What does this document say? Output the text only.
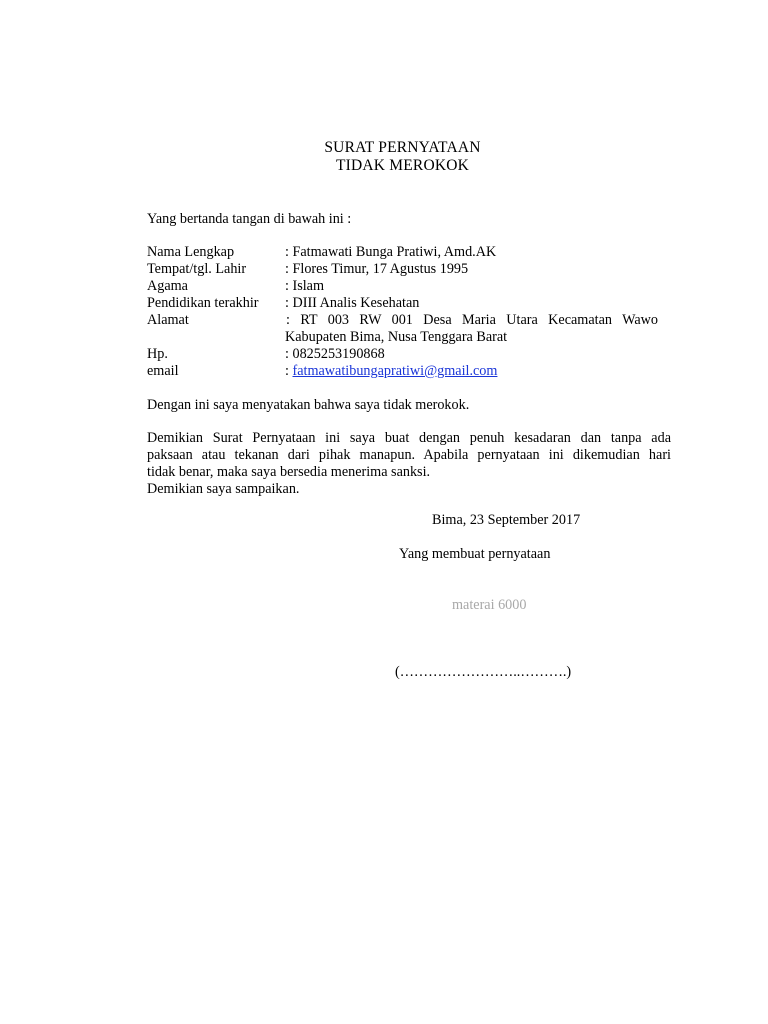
SURAT PERNYATAAN
TIDAK MEROKOK
Yang bertanda tangan di bawah ini :
Nama Lengkap	: Fatmawati Bunga Pratiwi, Amd.AK
Tempat/tgl. Lahir	: Flores Timur, 17 Agustus 1995
Agama	: Islam
Pendidikan terakhir : DIII Analis Kesehatan
Alamat	: RT 003 RW 001 Desa Maria Utara Kecamatan Wawo
Kabupaten Bima, Nusa Tenggara Barat
Hp.	: 0825253190868
email	: fatmawatibungapratiwi@gmail.com
Dengan ini saya menyatakan bahwa saya tidak merokok.
Demikian Surat Pernyataan ini saya buat dengan penuh kesadaran dan tanpa ada
paksaan atau tekanan dari pihak manapun. Apabila pernyataan ini dikemudian hari
tidak benar, maka saya bersedia menerima sanksi.
Demikian saya sampaikan.
Bima, 23 September 2017
Yang membuat pernyataan
materai 6000
(……………………..……….)
